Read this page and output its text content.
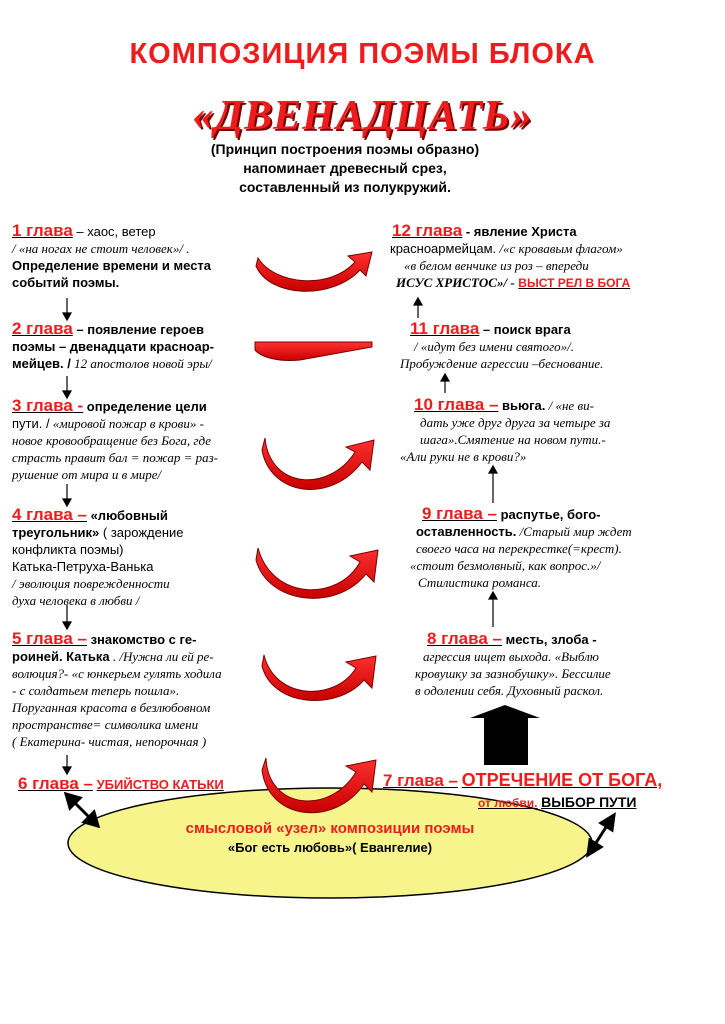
КОМПОЗИЦИЯ ПОЭМЫ БЛОКА
«ДВЕНАДЦАТЬ»
(Принцип построения поэмы образно)
напоминает древесный срез,
составленный из полукружий.
1 глава – хаос, ветер
/ «на ногах не стоит человек»/ .
Определение времени и места
событий поэмы.
2 глава – появление героев
поэмы – двенадцати красноар-
мейцев. / 12 апостолов новой эры/
3 глава - определение цели
пути. / «мировой пожар в крови» -
новое кровообращение без Бога, где
страсть правит бал = пожар = раз-
рушение от мира и в мире/
4 глава – «любовный
треугольник» ( зарождение
конфликта поэмы)
Катька-Петруха-Ванька
/ эволюция поврежденности
духа человека в любви /
5 глава – знакомство с ге-
роиней. Катька . /Нужна ли ей ре-
волюция?- «с юнкерьем гулять ходила
- с солдатьем теперь пошла».
Поруганная красота в безлюбовном
пространстве= символика имени
( Екатерина- чистая, непорочная )
6 глава – УБИЙСТВО КАТЬКИ	7 глава – ОТРЕЧЕНИЕ ОТ БОГА,
от любви. ВЫБОР ПУТИ
8 глава – месть, злоба -
агрессия ищет выхода. «Выблю
кровушку за зазнобушку». Бессилие
в одолении себя. Духовный раскол.
9 глава – распутье, бого-
оставленность. /Старый мир ждет
своего часа на перекрестке(=крест).
«стоит безмолвный, как вопрос.»/
Стилистика романса.
10 глава – вьюга. / «не ви-
дать уже друг друга за четыре за
шага».Смятение на новом пути.-
«Али руки не в крови?»
11 глава – поиск врага
/ «идут без имени святого»/.
Пробуждение агрессии –беснование.
12 глава - явление Христа
красноармейцам. /«с кровавым флагом»
«в белом венчике из роз – впереди
ИСУС ХРИСТОС»/ - ВЫСТ РЕЛ В БОГА
смысловой «узел» композиции поэмы
«Бог есть любовь»( Евангелие)
